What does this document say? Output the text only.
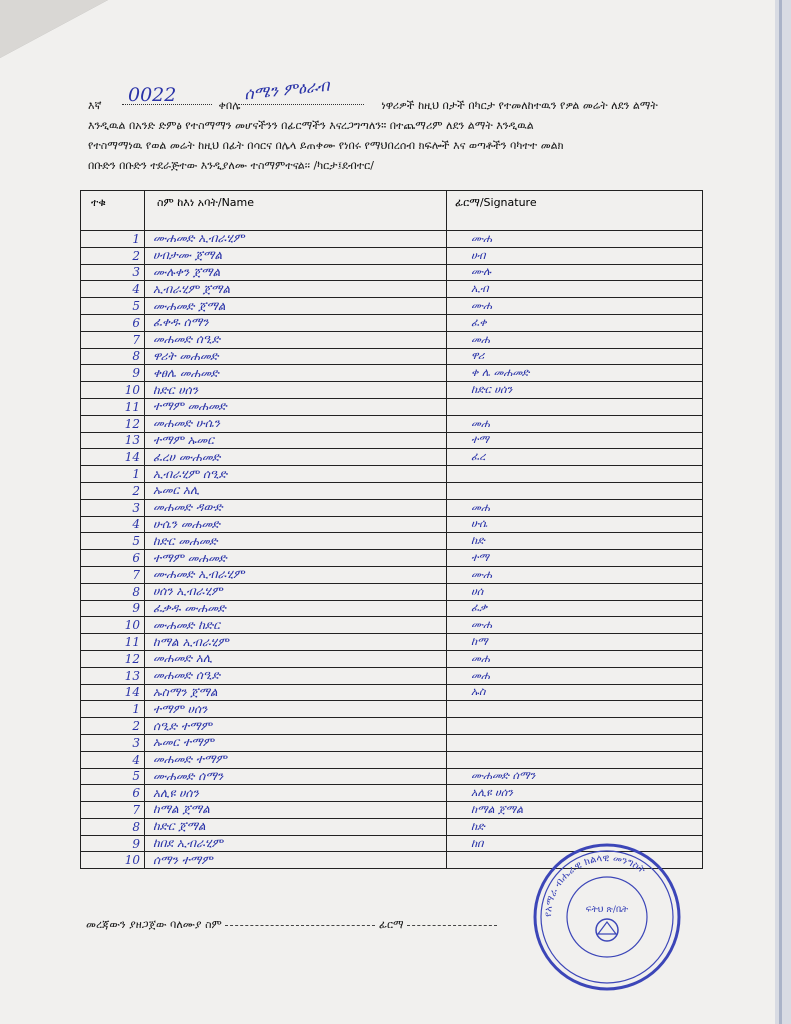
እኛ	ቀበሌ	ነዋሪዎች ከዚህ በታች በካርታ የተመለከተዉን የዎል መሬት ለደን ልማት

እንዲዉል በአንድ ድምፅ የተስማማን መሆናችንን በፊርማችን እናረጋግጣለን። በተጨማሪም ለደን ልማት እንዲዉል

የተስማማነዉ የወል መሬት ከዚህ በፊት በሳርና በሌላ ይጠቀሙ የነበሩ የማህበረሰብ ክፍሎች እና ወጣቶችን ባካተተ መልክ

በቡድን በቡድን ተደራጅተው እንዲያለሙ ተስማምተናል፡፡ /ካርታ፤ደብተር/

0022	ሰሜን ምዕራብ
ተቁ	ስም ከእነ አባት/Name	ፊርማ/Signature
1	ሙሐመድ ኢብራሂም	ሙሐ
2	ሀብታሙ ጀማል	ሀብ
3	ሙሉቀን ጀማል	ሙሉ
4	ኢብራሂም ጀማል	ኢብ
5	ሙሐመድ ጀማል	ሙሐ
6	ፈቀዱ ሰማን	ፈቀ
7	መሐመድ ሰዒድ	መሐ
8	ዋሪት መሐመድ	ዋሪ
9	ቀፀሌ መሐመድ	ቀ ሌ መሐመድ
10	ከድር ሀሰን	ከድር ሀሰን
11	ተማም መሐመድ	
12	መሐመድ ሁሴን	መሐ
13	ተማም ኡመር	ተማ
14	ፈረሀ ሙሐመድ	ፈረ
1	ኢብራሂም ሰዒድ	
2	ኡመር አሊ	
3	መሐመድ ዳውድ	መሐ
4	ሁሴን መሐመድ	ሁሴ
5	ከድር መሐመድ	ከድ
6	ተማም መሐመድ	ተማ
7	ሙሐመድ ኢብራሂም	ሙሐ
8	ሀሰን ኢብራሂም	ሀሰ
9	ፈቃዱ ሙሐመድ	ፈቃ
10	ሙሐመድ ከድር	ሙሐ
11	ከማል ኢብራሂም	ከማ
12	መሐመድ አሊ	መሐ
13	መሐመድ ሰዒድ	መሐ
14	ኡስማን ጀማል	ኡስ
1	ተማም ሀሰን	
2	ሰዒድ ተማም	
3	ኡመር ተማም	
4	መሐመድ ተማም	
5	ሙሐመድ ሰማን	ሙሐመድ ሰማን
6	አሊዩ ሀሰን	አሊዩ ሀሰን
7	ከማል ጀማል	ከማል ጀማል
8	ከድር ጀማል	ከድ
9	ከበደ ኢብራሂም	ከበ
10	ሰማን ተማም	
መረጃውን ያዘጋጀው ባለሙያ ስም	ፊርማ
የአማራ ብሔራዊ ክልላዊ መንግስት
ፍትህ ጽ/ቤት
